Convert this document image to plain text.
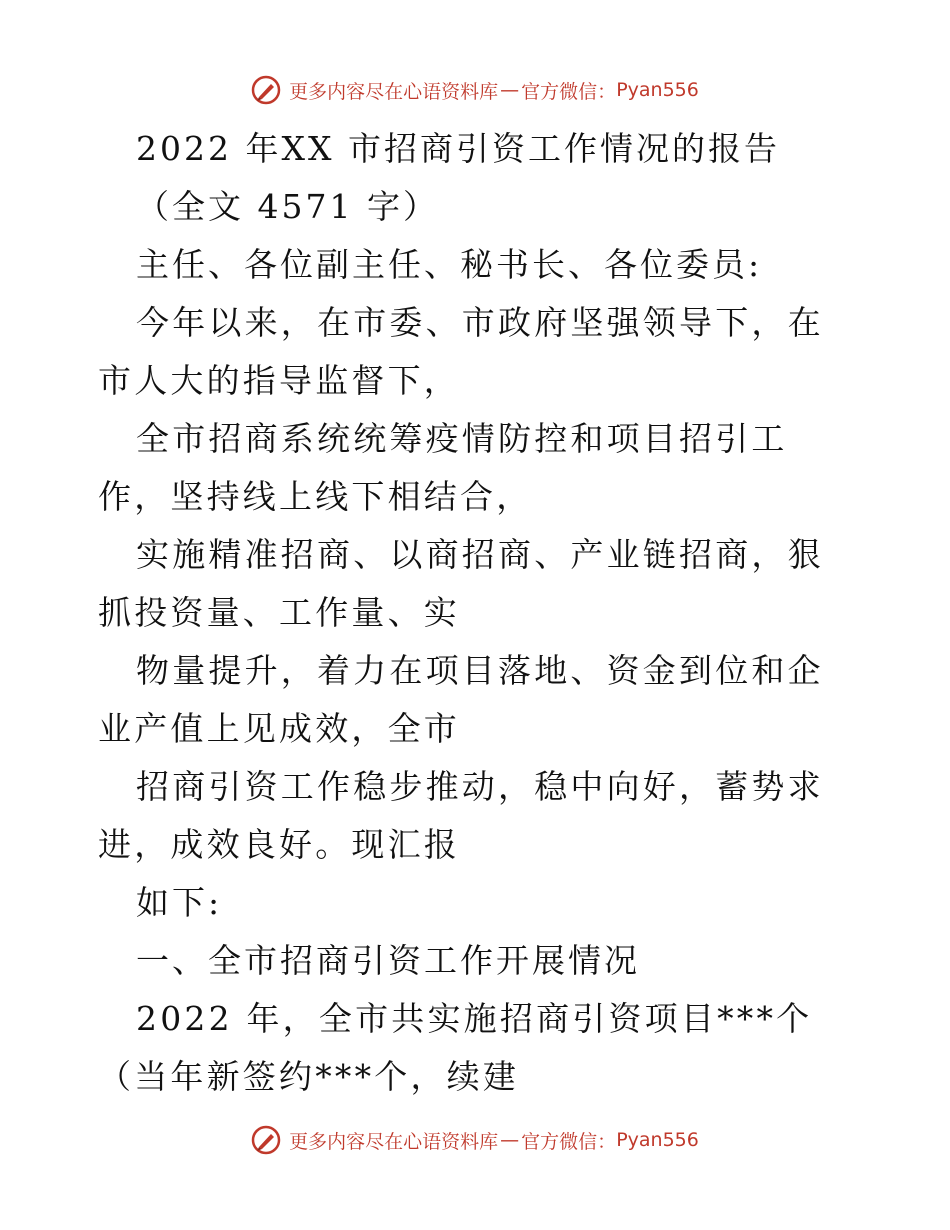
更多内容尽在心语资料库 — 官方微信： Pyan556

2022 年XX 市招商引资工作情况的报告

（全文 4571 字）

主任、各位副主任、秘书长、各位委员:

今年以来，在市委、市政府坚强领导下，在市人大的指导监督下，

全市招商系统统筹疫情防控和项目招引工作，坚持线上线下相结合，

实施精准招商、以商招商、产业链招商，狠抓投资量、工作量、实

物量提升，着力在项目落地、资金到位和企业产值上见成效，全市

招商引资工作稳步推动，稳中向好，蓄势求进，成效良好。现汇报

如下:

一、全市招商引资工作开展情况

2022 年，全市共实施招商引资项目***个（当年新签约***个，续建

更多内容尽在心语资料库 — 官方微信： Pyan556
